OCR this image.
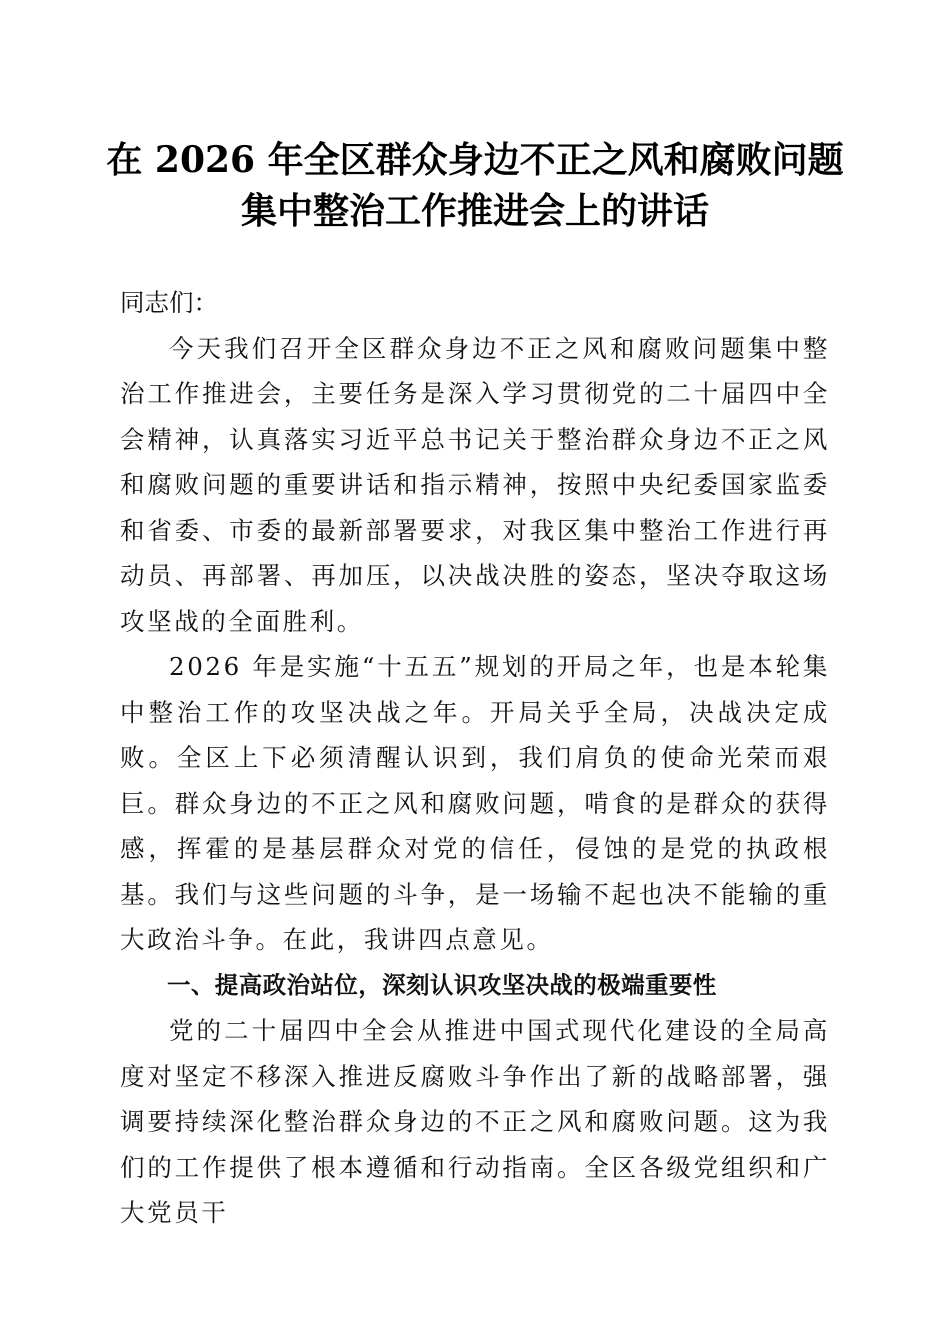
在 2026 年全区群众身边不正之风和腐败问题
集中整治工作推进会上的讲话

同志们：

今天我们召开全区群众身边不正之风和腐败问题集中整治工作推进会，主要任务是深入学习贯彻党的二十届四中全会精神，认真落实习近平总书记关于整治群众身边不正之风和腐败问题的重要讲话和指示精神，按照中央纪委国家监委和省委、市委的最新部署要求，对我区集中整治工作进行再动员、再部署、再加压，以决战决胜的姿态，坚决夺取这场攻坚战的全面胜利。

2026 年是实施“十五五”规划的开局之年，也是本轮集中整治工作的攻坚决战之年。开局关乎全局，决战决定成败。全区上下必须清醒认识到，我们肩负的使命光荣而艰巨。群众身边的不正之风和腐败问题，啃食的是群众的获得感，挥霍的是基层群众对党的信任，侵蚀的是党的执政根基。我们与这些问题的斗争，是一场输不起也决不能输的重大政治斗争。在此，我讲四点意见。

一、提高政治站位，深刻认识攻坚决战的极端重要性

党的二十届四中全会从推进中国式现代化建设的全局高度对坚定不移深入推进反腐败斗争作出了新的战略部署，强调要持续深化整治群众身边的不正之风和腐败问题。这为我们的工作提供了根本遵循和行动指南。全区各级党组织和广大党员干
